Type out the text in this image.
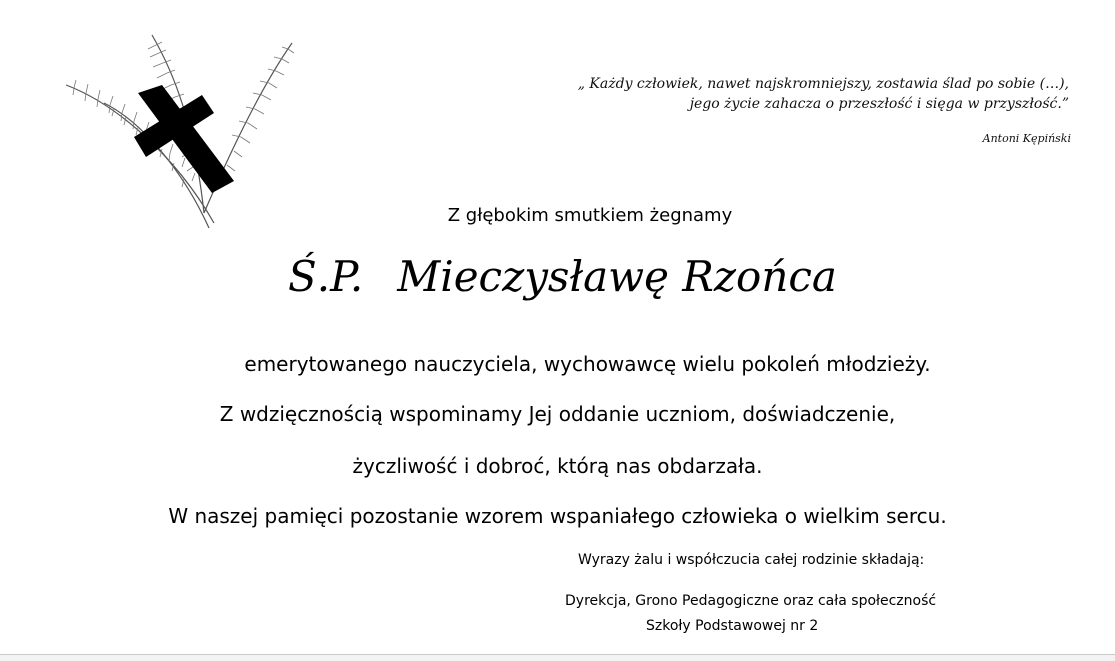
„ Każdy człowiek, nawet najskromniejszy, zostawia ślad po sobie (…),
jego życie zahacza o przeszłość i sięga w przyszłość.”
Antoni Kępiński
Z głębokim smutkiem żegnamy
Ś.P. Mieczysławę Rzońca
emerytowanego nauczyciela, wychowawcę wielu pokoleń młodzieży.
Z wdzięcznością wspominamy Jej oddanie uczniom, doświadczenie,
życzliwość i dobroć, którą nas obdarzała.
W naszej pamięci pozostanie wzorem wspaniałego człowieka o wielkim sercu.
Wyrazy żalu i współczucia całej rodzinie składają:
Dyrekcja, Grono Pedagogiczne oraz cała społeczność
Szkoły Podstawowej nr 2
